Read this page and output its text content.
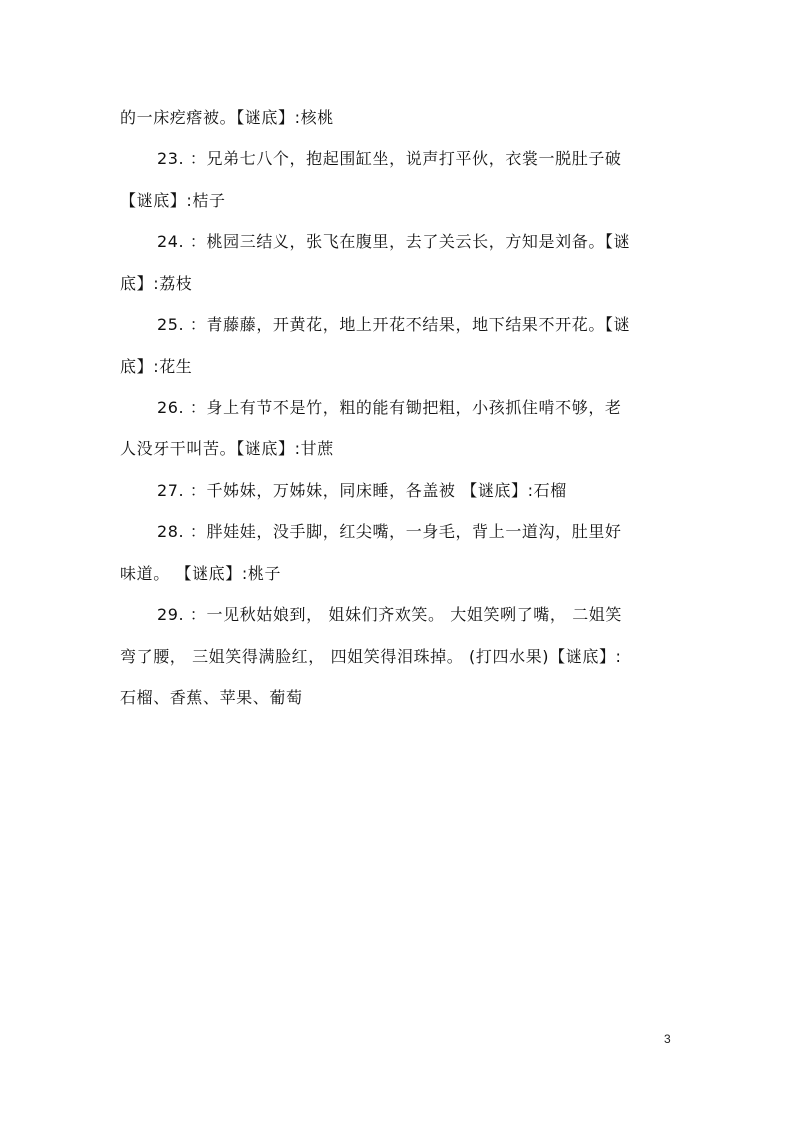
的一床疙瘩被。【谜底】:核桃
23. ：兄弟七八个，抱起围缸坐，说声打平伙，衣裳一脱肚子破
【谜底】:桔子
24. ：桃园三结义，张飞在腹里，去了关云长，方知是刘备。【谜
底】:荔枝
25. ：青藤藤，开黄花，地上开花不结果，地下结果不开花。【谜
底】:花生
26. ：身上有节不是竹，粗的能有锄把粗，小孩抓住啃不够，老
人没牙干叫苦。【谜底】:甘蔗
27. ：千姊妹，万姊妹，同床睡，各盖被 【谜底】:石榴
28. ：胖娃娃，没手脚，红尖嘴，一身毛，背上一道沟，肚里好
味道。 【谜底】:桃子
29. ：一见秋姑娘到， 姐妹们齐欢笑。 大姐笑咧了嘴， 二姐笑
弯了腰， 三姐笑得满脸红， 四姐笑得泪珠掉。 (打四水果)【谜底】:
石榴、香蕉、苹果、葡萄
3
